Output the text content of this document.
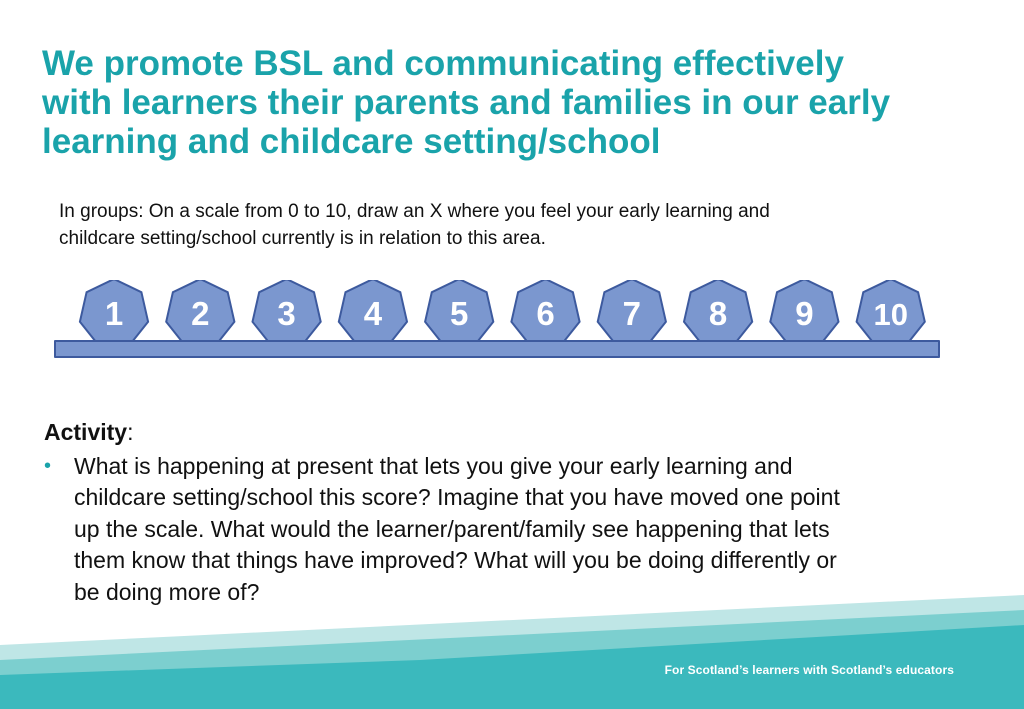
We promote BSL and communicating effectively
with learners their parents and families in our early
learning and childcare setting/school
In groups: On a scale from 0 to 10, draw an X where you feel your early learning and
childcare setting/school currently is in relation to this area.
1 2 3 4 5 6 7 8 9 10
Activity:
• What is happening at present that lets you give your early learning and
childcare setting/school this score? Imagine that you have moved one point
up the scale. What would the learner/parent/family see happening that lets
them know that things have improved? What will you be doing differently or
be doing more of?
For Scotland’s learners with Scotland’s educators
